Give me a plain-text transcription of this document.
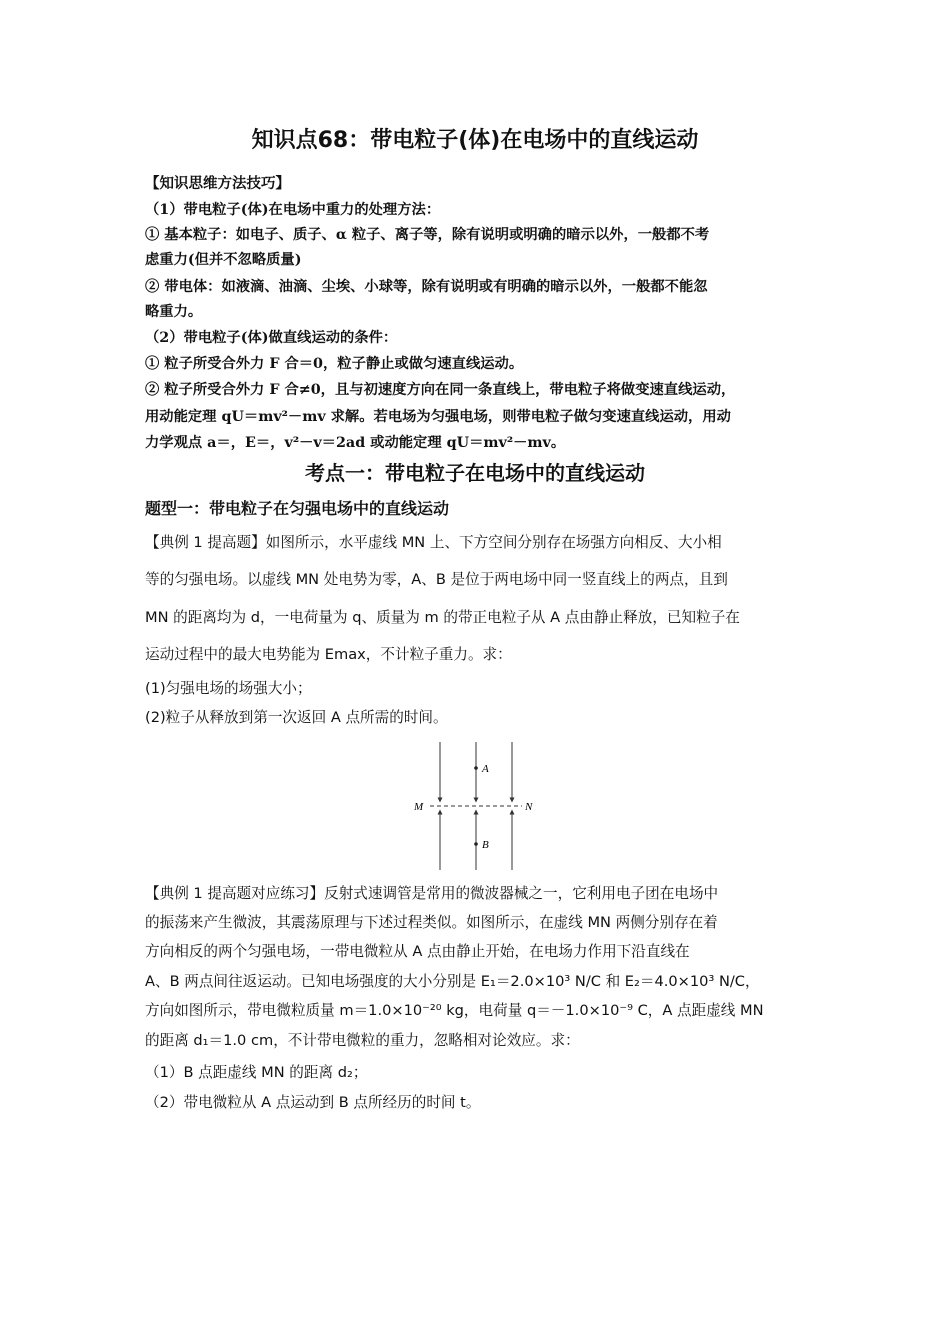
知识点68：带电粒子(体)在电场中的直线运动
【知识思维方法技巧】
（1）带电粒子(体)在电场中重力的处理方法：
① 基本粒子：如电子、质子、α 粒子、离子等，除有说明或明确的暗示以外，一般都不考
虑重力(但并不忽略质量)
② 带电体：如液滴、油滴、尘埃、小球等，除有说明或有明确的暗示以外，一般都不能忽
略重力。
（2）带电粒子(体)做直线运动的条件：
① 粒子所受合外力 F 合＝0，粒子静止或做匀速直线运动。
② 粒子所受合外力 F 合≠0，且与初速度方向在同一条直线上，带电粒子将做变速直线运动，
用动能定理 qU＝mv²－mv 求解。若电场为匀强电场，则带电粒子做匀变速直线运动，用动
力学观点 a＝，E＝，v²－v＝2ad 或动能定理 qU＝mv²－mv。
考点一：带电粒子在电场中的直线运动
题型一：带电粒子在匀强电场中的直线运动
【典例 1 提高题】如图所示，水平虚线 MN 上、下方空间分别存在场强方向相反、大小相
等的匀强电场。以虚线 MN 处电势为零，A、B 是位于两电场中同一竖直线上的两点，且到
MN 的距离均为 d，一电荷量为 q、质量为 m 的带正电粒子从 A 点由静止释放，已知粒子在
运动过程中的最大电势能为 Emax，不计粒子重力。求：
(1)匀强电场的场强大小；
(2)粒子从释放到第一次返回 A 点所需的时间。
M	N
A
B
【典例 1 提高题对应练习】反射式速调管是常用的微波器械之一，它利用电子团在电场中
的振荡来产生微波，其震荡原理与下述过程类似。如图所示，在虚线 MN 两侧分别存在着
方向相反的两个匀强电场，一带电微粒从 A 点由静止开始，在电场力作用下沿直线在
A、B 两点间往返运动。已知电场强度的大小分别是 E₁＝2.0×10³ N/C 和 E₂＝4.0×10³ N/C，
方向如图所示，带电微粒质量 m＝1.0×10⁻²⁰ kg，电荷量 q＝－1.0×10⁻⁹ C，A 点距虚线 MN
的距离 d₁＝1.0 cm，不计带电微粒的重力，忽略相对论效应。求：
（1）B 点距虚线 MN 的距离 d₂；
（2）带电微粒从 A 点运动到 B 点所经历的时间 t。
